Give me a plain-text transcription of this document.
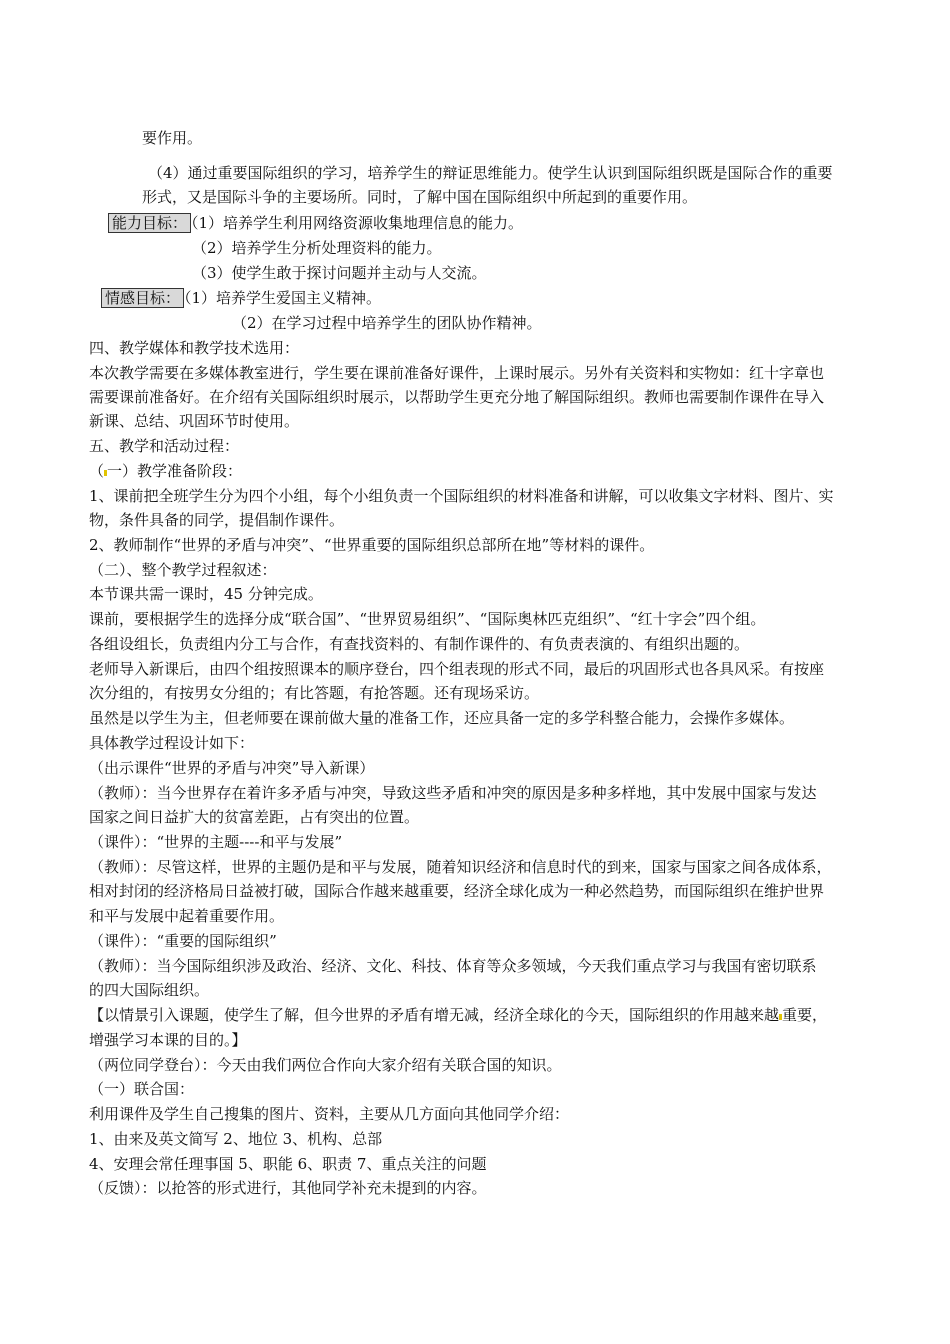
要作用。
（4）通过重要国际组织的学习，培养学生的辩证思维能力。使学生认识到国际组织既是国际合作的重要
形式，又是国际斗争的主要场所。同时，了解中国在国际组织中所起到的重要作用。
能力目标： （1）培养学生利用网络资源收集地理信息的能力。
（2）培养学生分析处理资料的能力。
（3）使学生敢于探讨问题并主动与人交流。
情感目标： （1）培养学生爱国主义精神。
（2）在学习过程中培养学生的团队协作精神。
四、教学媒体和教学技术选用：
本次教学需要在多媒体教室进行，学生要在课前准备好课件，上课时展示。另外有关资料和实物如：红十字章也
需要课前准备好。在介绍有关国际组织时展示，以帮助学生更充分地了解国际组织。教师也需要制作课件在导入
新课、总结、巩固环节时使用。
五、教学和活动过程：
（ 一）教学准备阶段：
1、课前把全班学生分为四个小组，每个小组负责一个国际组织的材料准备和讲解，可以收集文字材料、图片、实
物，条件具备的同学，提倡制作课件。
2、教师制作“世界的矛盾与冲突”、“世界重要的国际组织总部所在地”等材料的课件。
（二）、整个教学过程叙述：
本节课共需一课时，45 分钟完成。
课前，要根据学生的选择分成“联合国”、“世界贸易组织”、“国际奥林匹克组织”、“红十字会”四个组。
各组设组长，负责组内分工与合作，有查找资料的、有制作课件的、有负责表演的、有组织出题的。
老师导入新课后，由四个组按照课本的顺序登台，四个组表现的形式不同，最后的巩固形式也各具风采。有按座
次分组的，有按男女分组的；有比答题，有抢答题。还有现场采访。
虽然是以学生为主，但老师要在课前做大量的准备工作，还应具备一定的多学科整合能力，会操作多媒体。
具体教学过程设计如下：
（出示课件“世界的矛盾与冲突”导入新课）
（教师）：当今世界存在着许多矛盾与冲突，导致这些矛盾和冲突的原因是多种多样地，其中发展中国家与发达
国家之间日益扩大的贫富差距，占有突出的位置。
（课件）：“世界的主题----和平与发展”
（教师）：尽管这样，世界的主题仍是和平与发展，随着知识经济和信息时代的到来，国家与国家之间各成体系，
相对封闭的经济格局日益被打破，国际合作越来越重要，经济全球化成为一种必然趋势，而国际组织在维护世界
和平与发展中起着重要作用。
（课件）：“重要的国际组织”
（教师）：当今国际组织涉及政治、经济、文化、科技、体育等众多领域，今天我们重点学习与我国有密切联系
的四大国际组织。
【以情景引入课题，使学生了解，但今世界的矛盾有增无减，经济全球化的今天，国际组织的作用越来越 重要，
增强学习本课的目的。】
（两位同学登台）：今天由我们两位合作向大家介绍有关联合国的知识。
（一）联合国：
利用课件及学生自己搜集的图片、资料，主要从几方面向其他同学介绍：
1、由来及英文简写 2、地位 3、机构、总部
4、安理会常任理事国 5、职能 6、职责 7、重点关注的问题
（反馈）：以抢答的形式进行，其他同学补充未提到的内容。
